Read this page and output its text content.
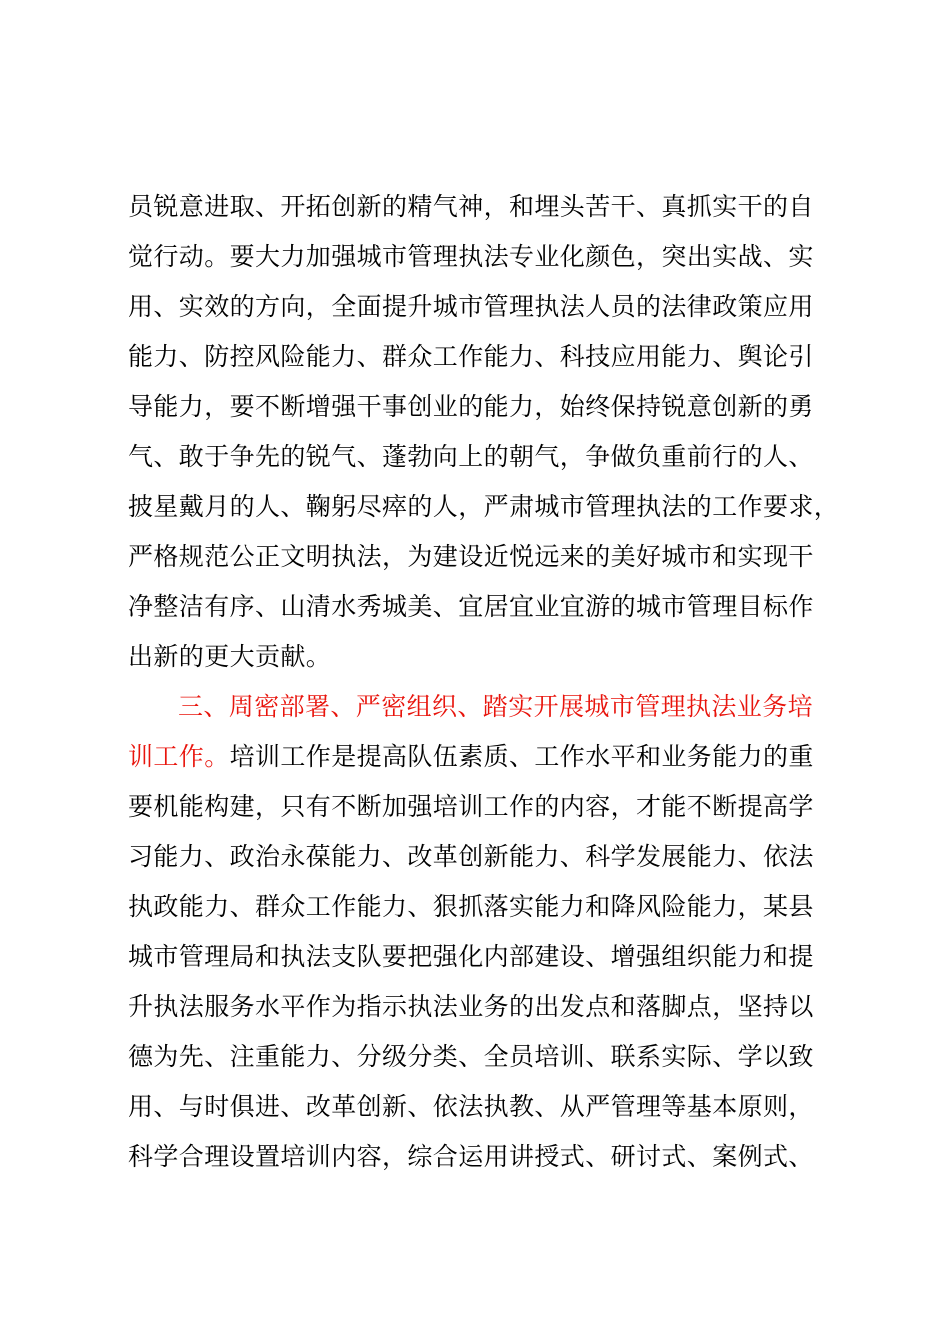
员锐意进取、开拓创新的精气神，和埋头苦干、真抓实干的自
觉行动。要大力加强城市管理执法专业化颜色，突出实战、实
用、实效的方向，全面提升城市管理执法人员的法律政策应用
能力、防控风险能力、群众工作能力、科技应用能力、舆论引
导能力，要不断增强干事创业的能力，始终保持锐意创新的勇
气、敢于争先的锐气、蓬勃向上的朝气，争做负重前行的人、
披星戴月的人、鞠躬尽瘁的人，严肃城市管理执法的工作要求，
严格规范公正文明执法，为建设近悦远来的美好城市和实现干
净整洁有序、山清水秀城美、宜居宜业宜游的城市管理目标作
出新的更大贡献。
三、周密部署、严密组织、踏实开展城市管理执法业务培
训工作。培训工作是提高队伍素质、工作水平和业务能力的重
要机能构建，只有不断加强培训工作的内容，才能不断提高学
习能力、政治永葆能力、改革创新能力、科学发展能力、依法
执政能力、群众工作能力、狠抓落实能力和降风险能力，某县
城市管理局和执法支队要把强化内部建设、增强组织能力和提
升执法服务水平作为指示执法业务的出发点和落脚点，坚持以
德为先、注重能力、分级分类、全员培训、联系实际、学以致
用、与时俱进、改革创新、依法执教、从严管理等基本原则，
科学合理设置培训内容，综合运用讲授式、研讨式、案例式、
